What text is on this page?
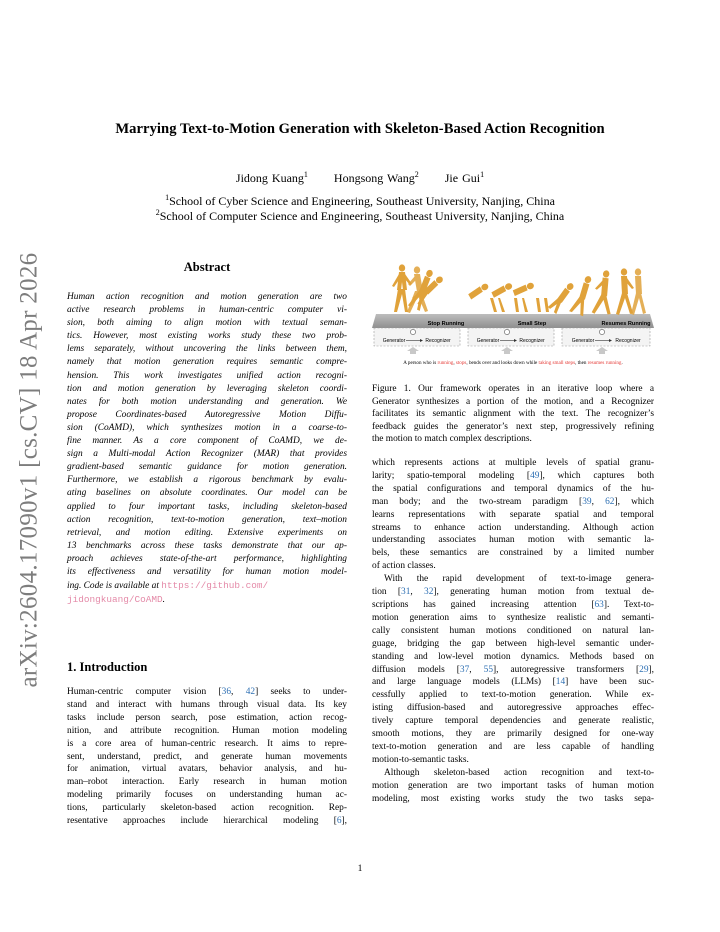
arXiv:2604.17090v1 [cs.CV] 18 Apr 2026
Marrying Text-to-Motion Generation with Skeleton-Based Action Recognition
Jidong Kuang$^1$ Hongsong Wang$^2$ Jie Gui$^1$
$^1$School of Cyber Science and Engineering, Southeast University, Nanjing, China
$^2$School of Computer Science and Engineering, Southeast University, Nanjing, China
Abstract
Human action recognition and motion generation are two
active research problems in human-centric computer vi-
sion, both aiming to align motion with textual seman-
tics. However, most existing works study these two prob-
lems separately, without uncovering the links between them,
namely that motion generation requires semantic compre-
hension. This work investigates unified action recogni-
tion and motion generation by leveraging skeleton coordi-
nates for both motion understanding and generation. We
propose Coordinates-based Autoregressive Motion Diffu-
sion (CoAMD), which synthesizes motion in a coarse-to-
fine manner. As a core component of CoAMD, we de-
sign a Multi-modal Action Recognizer (MAR) that provides
gradient-based semantic guidance for motion generation.
Furthermore, we establish a rigorous benchmark by evalu-
ating baselines on absolute coordinates. Our model can be
applied to four important tasks, including skeleton-based
action recognition, text-to-motion generation, text–motion
retrieval, and motion editing. Extensive experiments on
13 benchmarks across these tasks demonstrate that our ap-
proach achieves state-of-the-art performance, highlighting
its effectiveness and versatility for human motion model-
ing. Code is available at https://github.com/
jidongkuang/CoAMD.
1. Introduction
Human-centric computer vision [36, 42] seeks to under-
stand and interact with humans through visual data. Its key
tasks include person search, pose estimation, action recog-
nition, and attribute recognition. Human motion modeling
is a core area of human-centric research. It aims to repre-
sent, understand, predict, and generate human movements
for animation, virtual avatars, behavior analysis, and hu-
man–robot interaction. Early research in human motion
modeling primarily focuses on understanding human ac-
tions, particularly skeleton-based action recognition. Rep-
resentative approaches include hierarchical modeling [6],
Stop Running	Small Step	Resumes Running
Generator	Recognizer	Generator	Recognizer	Generator	Recognizer
A person who is running, stops, bends over and looks down while taking small steps, then resumes running.
Figure 1. Our framework operates in an iterative loop where a
Generator synthesizes a portion of the motion, and a Recognizer
facilitates its semantic alignment with the text. The recognizer’s
feedback guides the generator’s next step, progressively refining
the motion to match complex descriptions.
which represents actions at multiple levels of spatial granu-
larity; spatio-temporal modeling [49], which captures both
the spatial configurations and temporal dynamics of the hu-
man body; and the two-stream paradigm [39, 62], which
learns representations with separate spatial and temporal
streams to enhance action understanding. Although action
understanding associates human motion with semantic la-
bels, these semantics are constrained by a limited number
of action classes.
With the rapid development of text-to-image genera-
tion [31, 32], generating human motion from textual de-
scriptions has gained increasing attention [63]. Text-to-
motion generation aims to synthesize realistic and semanti-
cally consistent human motions conditioned on natural lan-
guage, bridging the gap between high-level semantic under-
standing and low-level motion dynamics. Methods based on
diffusion models [37, 55], autoregressive transformers [29],
and large language models (LLMs) [14] have been suc-
cessfully applied to text-to-motion generation. While ex-
isting diffusion-based and autoregressive approaches effec-
tively capture temporal dependencies and generate realistic,
smooth motions, they are primarily designed for one-way
text-to-motion generation and are less capable of handling
motion-to-semantic tasks.
Although skeleton-based action recognition and text-to-
motion generation are two important tasks of human motion
modeling, most existing works study the two tasks sepa-
1
